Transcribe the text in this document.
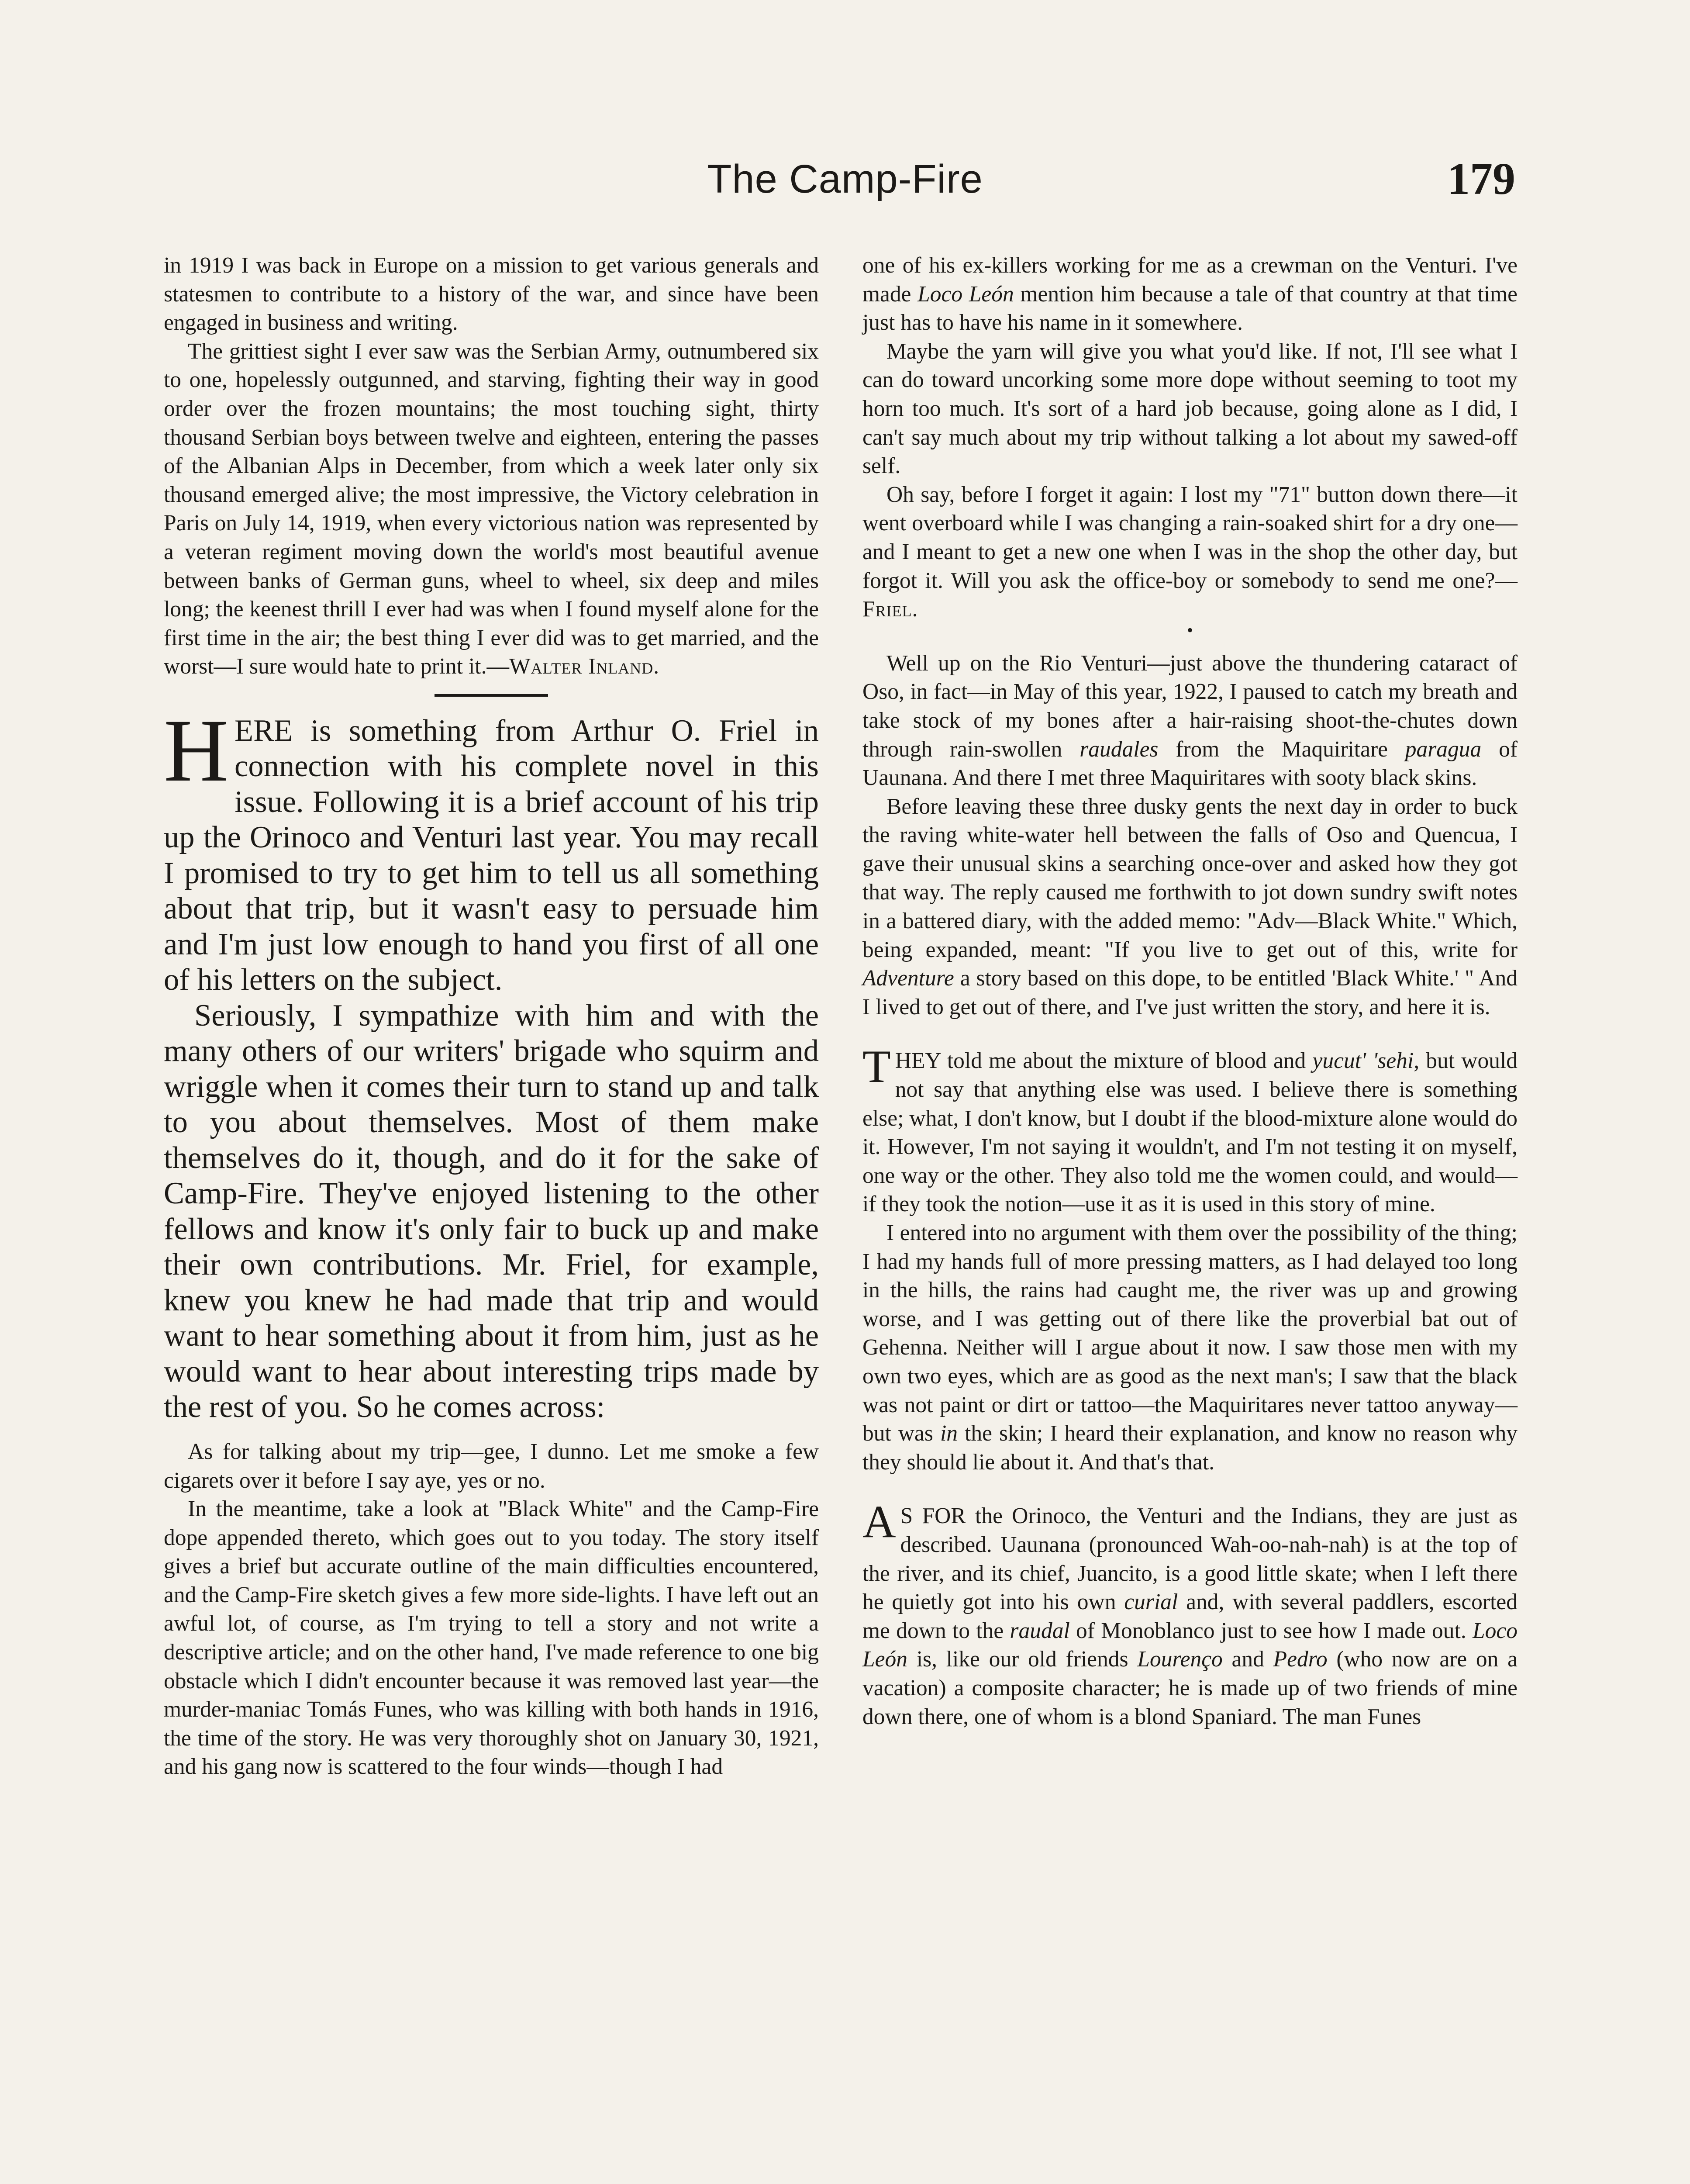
The Camp-Fire	179

in 1919 I was back in Europe on a mission to get various generals and statesmen to contribute to a history of the war, and since have been engaged in business and writing.

The grittiest sight I ever saw was the Serbian Army, outnumbered six to one, hopelessly outgunned, and starving, fighting their way in good order over the frozen mountains; the most touching sight, thirty thousand Serbian boys between twelve and eighteen, entering the passes of the Albanian Alps in December, from which a week later only six thousand emerged alive; the most impressive, the Victory celebration in Paris on July 14, 1919, when every victorious nation was represented by a veteran regiment moving down the world's most beautiful avenue between banks of German guns, wheel to wheel, six deep and miles long; the keenest thrill I ever had was when I found myself alone for the first time in the air; the best thing I ever did was to get married, and the worst—I sure would hate to print it.—Walter Inland.

HERE is something from Arthur O. Friel in connection with his complete novel in this issue. Following it is a brief account of his trip up the Orinoco and Venturi last year. You may recall I promised to try to get him to tell us all something about that trip, but it wasn't easy to persuade him and I'm just low enough to hand you first of all one of his letters on the subject.

Seriously, I sympathize with him and with the many others of our writers' brigade who squirm and wriggle when it comes their turn to stand up and talk to you about themselves. Most of them make themselves do it, though, and do it for the sake of Camp-Fire. They've enjoyed listening to the other fellows and know it's only fair to buck up and make their own contributions. Mr. Friel, for example, knew you knew he had made that trip and would want to hear something about it from him, just as he would want to hear about interesting trips made by the rest of you. So he comes across:

As for talking about my trip—gee, I dunno. Let me smoke a few cigarets over it before I say aye, yes or no.

In the meantime, take a look at "Black White" and the Camp-Fire dope appended thereto, which goes out to you today. The story itself gives a brief but accurate outline of the main difficulties encountered, and the Camp-Fire sketch gives a few more side-lights. I have left out an awful lot, of course, as I'm trying to tell a story and not write a descriptive article; and on the other hand, I've made reference to one big obstacle which I didn't encounter because it was removed last year—the murder-maniac Tomás Funes, who was killing with both hands in 1916, the time of the story. He was very thoroughly shot on January 30, 1921, and his gang now is scattered to the four winds—though I had

one of his ex-killers working for me as a crewman on the Venturi. I've made Loco León mention him because a tale of that country at that time just has to have his name in it somewhere.

Maybe the yarn will give you what you'd like. If not, I'll see what I can do toward uncorking some more dope without seeming to toot my horn too much. It's sort of a hard job because, going alone as I did, I can't say much about my trip without talking a lot about my sawed-off self.

Oh say, before I forget it again: I lost my "71" button down there—it went overboard while I was changing a rain-soaked shirt for a dry one—and I meant to get a new one when I was in the shop the other day, but forgot it. Will you ask the office-boy or somebody to send me one?—Friel.

•

Well up on the Rio Venturi—just above the thundering cataract of Oso, in fact—in May of this year, 1922, I paused to catch my breath and take stock of my bones after a hair-raising shoot-the-chutes down through rain-swollen raudales from the Maquiritare paragua of Uaunana. And there I met three Maquiritares with sooty black skins.

Before leaving these three dusky gents the next day in order to buck the raving white-water hell between the falls of Oso and Quencua, I gave their unusual skins a searching once-over and asked how they got that way. The reply caused me forthwith to jot down sundry swift notes in a battered diary, with the added memo: "Adv—Black White." Which, being expanded, meant: "If you live to get out of this, write for Adventure a story based on this dope, to be entitled 'Black White.' " And I lived to get out of there, and I've just written the story, and here it is.

THEY told me about the mixture of blood and yucut' 'sehi, but would not say that anything else was used. I believe there is something else; what, I don't know, but I doubt if the blood-mixture alone would do it. However, I'm not saying it wouldn't, and I'm not testing it on myself, one way or the other. They also told me the women could, and would—if they took the notion—use it as it is used in this story of mine.

I entered into no argument with them over the possibility of the thing; I had my hands full of more pressing matters, as I had delayed too long in the hills, the rains had caught me, the river was up and growing worse, and I was getting out of there like the proverbial bat out of Gehenna. Neither will I argue about it now. I saw those men with my own two eyes, which are as good as the next man's; I saw that the black was not paint or dirt or tattoo—the Maquiritares never tattoo anyway—but was in the skin; I heard their explanation, and know no reason why they should lie about it. And that's that.

A S FOR the Orinoco, the Venturi and the Indians, they are just as described. Uaunana (pronounced Wah-oo-nah-nah) is at the top of the river, and its chief, Juancito, is a good little skate; when I left there he quietly got into his own curial and, with several paddlers, escorted me down to the raudal of Monoblanco just to see how I made out. Loco León is, like our old friends Lourenço and Pedro (who now are on a vacation) a composite character; he is made up of two friends of mine down there, one of whom is a blond Spaniard. The man Funes
